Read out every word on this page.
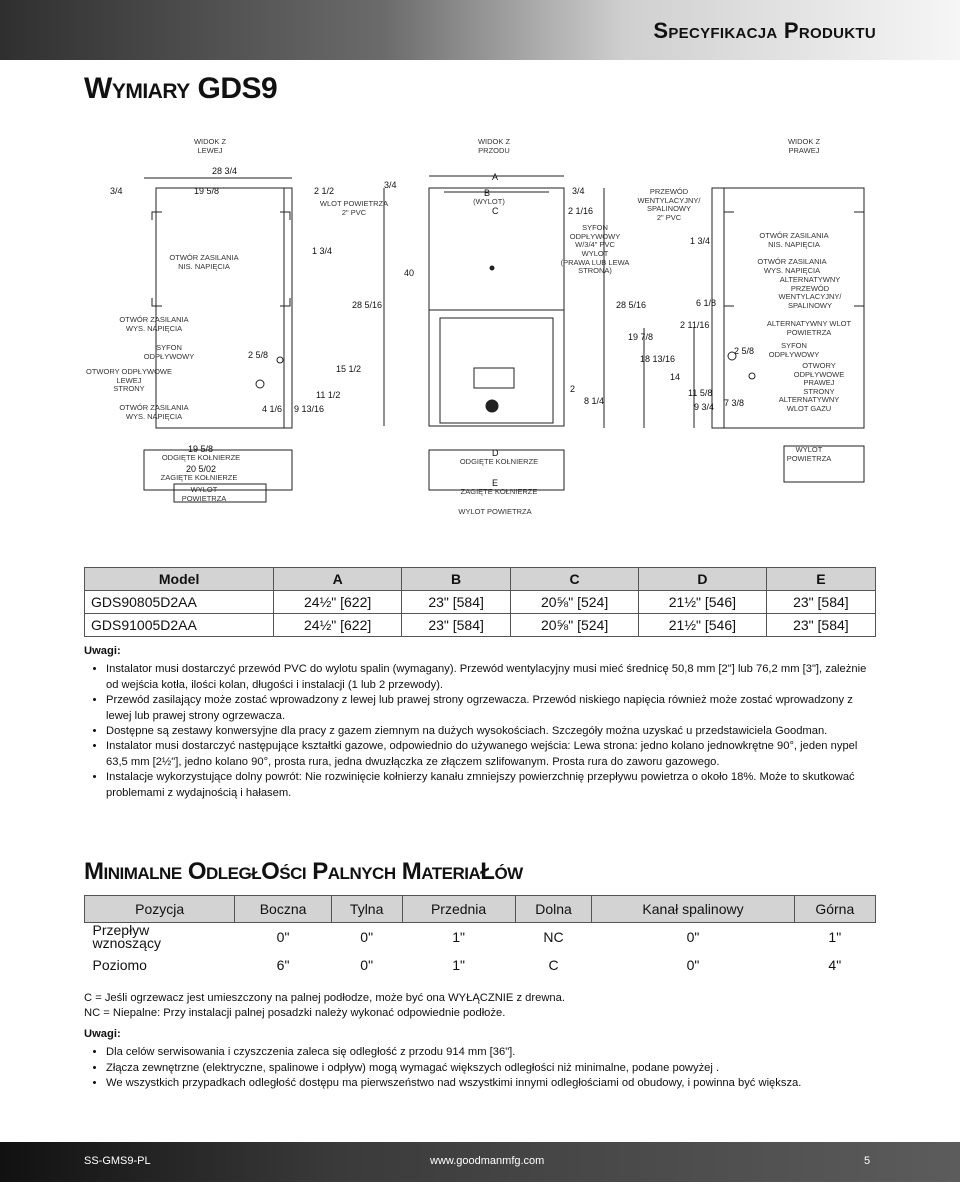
Specyfikacja Produktu
Wymiary GDS9
WIDOK Z
LEWEJ
WIDOK Z
PRZODU
WIDOK Z
PRAWEJ
OTWÓR ZASILANIA
NIS. NAPIĘCIA
OTWÓR ZASILANIA
WYS. NAPIĘCIA
SYFON
ODPŁYWOWY
OTWORY ODPŁYWOWE
LEWEJ
STRONY
OTWÓR ZASILANIA
WYS. NAPIĘCIA
WLOT POWIETRZA
2" PVC
(WYLOT)
SYFON
ODPŁYWOWY
W/3/4" PVC
WYLOT
(PRAWA LUB LEWA
STRONA)
PRZEWÓD
WENTYLACYJNY/
SPALINOWY
2" PVC
OTWÓR ZASILANIA
NIS. NAPIĘCIA
OTWÓR ZASILANIA
WYS. NAPIĘCIA
ALTERNATYWNY
PRZEWÓD
WENTYLACYJNY/
SPALINOWY
ALTERNATYWNY WLOT
POWIETRZA
SYFON
ODPŁYWOWY
OTWORY
ODPŁYWOWE
PRAWEJ
STRONY
ALTERNATYWNY
WLOT GAZU
ODGIĘTE KOŁNIERZE
ZAGIĘTE KOŁNIERZE
WYLOT
POWIETRZA
ODGIĘTE KOŁNIERZE
ZAGIĘTE KOŁNIERZE
WYLOT POWIETRZA
WYLOT
POWIETRZA
28 3/4
3/4	19 5/8	2 1/2
1 3/4
28 5/16
2 5/8
15 1/2
11 1/2
9 13/16
4 1/6
3/4
A
B
C
3/4
2 1/16
40
2
8 1/4
1 3/4
28 5/16	6 1/8
19 7/8
2 11/16
2 5/8
18 13/16
14
11 5/8
7 3/8
9 3/4
19 5/8
20 5/02
D
E
Model	A	B	C	D	E
GDS90805D2AA	24½" [622]	23" [584]	20⅝" [524]	21½" [546]	23" [584]
GDS91005D2AA	24½" [622]	23" [584]	20⅝" [524]	21½" [546]	23" [584]
Uwagi:
• Instalator musi dostarczyć przewód PVC do wylotu spalin (wymagany). Przewód wentylacyjny musi mieć średnicę 50,8 mm [2"] lub 76,2 mm [3"], zależnie od wejścia kotła, ilości kolan, długości i instalacji (1 lub 2 przewody).
• Przewód zasilający może zostać wprowadzony z lewej lub prawej strony ogrzewacza. Przewód niskiego napięcia również może zostać wprowadzony z lewej lub prawej strony ogrzewacza.
• Dostępne są zestawy konwersyjne dla pracy z gazem ziemnym na dużych wysokościach. Szczegóły można uzyskać u przedstawiciela Goodman.
• Instalator musi dostarczyć następujące kształtki gazowe, odpowiednio do używanego wejścia: Lewa strona: jedno kolano jednowkrętne 90°, jeden nypel 63,5 mm [2½"], jedno kolano 90°, prosta rura, jedna dwuzłączka ze złączem szlifowanym. Prosta rura do zaworu gazowego.
• Instalacje wykorzystujące dolny powrót: Nie rozwinięcie kołnierzy kanału zmniejszy powierzchnię przepływu powietrza o około 18%. Może to skutkować problemami z wydajnością i hałasem.
Minimalne OdległOści Palnych MateriaŁów
Pozycja	Boczna	Tylna	Przednia	Dolna	Kanał spalinowy	Górna
Przepływ
wznoszący	0"	0"	1"	NC	0"	1"
Poziomo	6"	0"	1"	C	0"	4"
C = Jeśli ogrzewacz jest umieszczony na palnej podłodze, może być ona WYŁĄCZNIE z drewna.
NC = Niepalne: Przy instalacji palnej posadzki należy wykonać odpowiednie podłoże.
Uwagi:
• Dla celów serwisowania i czyszczenia zaleca się odległość z przodu 914 mm [36"].
• Złącza zewnętrzne (elektryczne, spalinowe i odpływ) mogą wymagać większych odległości niż minimalne, podane powyżej .
• We wszystkich przypadkach odległość dostępu ma pierwszeństwo nad wszystkimi innymi odległościami od obudowy, i powinna być większa.
SS-GMS9-PL	www.goodmanmfg.com	5
